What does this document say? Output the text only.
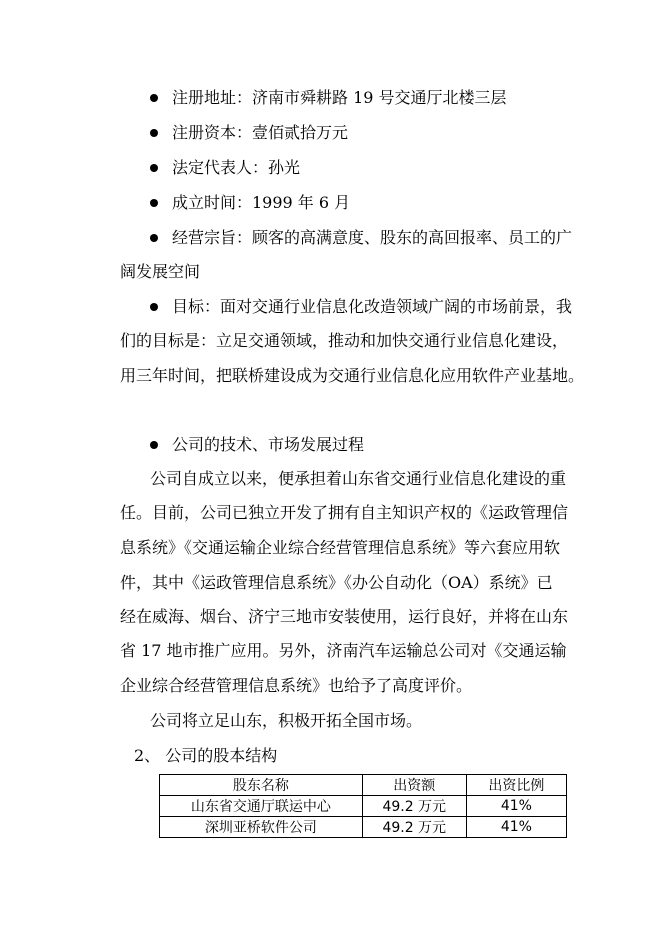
注册地址：济南市舜耕路 19 号交通厅北楼三层
注册资本：壹佰贰拾万元
法定代表人：孙光
成立时间：1999 年 6 月
经营宗旨：顾客的高满意度、股东的高回报率、员工的广
阔发展空间
目标：面对交通行业信息化改造领域广阔的市场前景，我
们的目标是：立足交通领域，推动和加快交通行业信息化建设，
用三年时间，把联桥建设成为交通行业信息化应用软件产业基地。
公司的技术、市场发展过程
公司自成立以来，便承担着山东省交通行业信息化建设的重
任。目前，公司已独立开发了拥有自主知识产权的《运政管理信
息系统》《交通运输企业综合经营管理信息系统》等六套应用软
件，其中《运政管理信息系统》《办公自动化（OA）系统》已
经在威海、烟台、济宁三地市安装使用，运行良好，并将在山东
省 17 地市推广应用。另外，济南汽车运输总公司对《交通运输
企业综合经营管理信息系统》也给予了高度评价。
公司将立足山东，积极开拓全国市场。
2、 公司的股本结构
股东名称	出资额	出资比例
山东省交通厅联运中心	49.2 万元	41%
深圳亚桥软件公司	49.2 万元	41%
